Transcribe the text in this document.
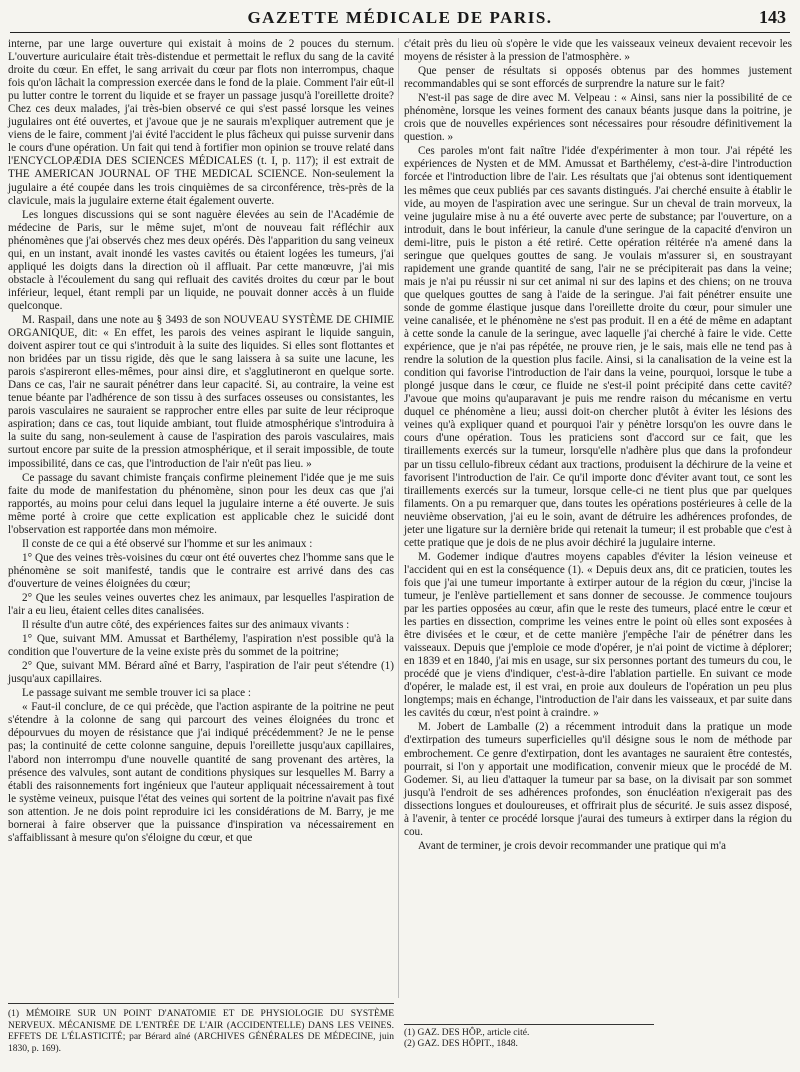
GAZETTE MÉDICALE DE PARIS.	143

interne, par une large ouverture qui existait à moins de 2 pouces du sternum. L'ouverture auriculaire était très-distendue et permettait le reflux du sang de la cavité droite du cœur. En effet, le sang arrivait du cœur par flots non interrompus, chaque fois qu'on lâchait la compression exercée dans le fond de la plaie. Comment l'air eût-il pu lutter contre le torrent du liquide et se frayer un passage jusqu'à l'oreillette droite? Chez ces deux malades, j'ai très-bien observé ce qui s'est passé lorsque les veines jugulaires ont été ouvertes, et j'avoue que je ne saurais m'expliquer autrement que je viens de le faire, comment j'ai évité l'accident le plus fâcheux qui puisse survenir dans le cours d'une opération. Un fait qui tend à fortifier mon opinion se trouve relaté dans l'ENCYCLOPÆDIA DES SCIENCES MÉDICALES (t. I, p. 117); il est extrait de THE AMERICAN JOURNAL OF THE MEDICAL SCIENCE. Non-seulement la jugulaire a été coupée dans les trois cinquièmes de sa circonférence, très-près de la clavicule, mais la jugulaire externe était également ouverte.

Les longues discussions qui se sont naguère élevées au sein de l'Académie de médecine de Paris, sur le même sujet, m'ont de nouveau fait réfléchir aux phénomènes que j'ai observés chez mes deux opérés. Dès l'apparition du sang veineux qui, en un instant, avait inondé les vastes cavités ou étaient logées les tumeurs, j'ai appliqué les doigts dans la direction où il affluait. Par cette manœuvre, j'ai mis obstacle à l'écoulement du sang qui refluait des cavités droites du cœur par le bout inférieur, lequel, étant rempli par un liquide, ne pouvait donner accès à un fluide quelconque.

M. Raspail, dans une note au § 3493 de son NOUVEAU SYSTÈME DE CHIMIE ORGANIQUE, dit: « En effet, les parois des veines aspirant le liquide sanguin, doivent aspirer tout ce qui s'introduit à la suite des liquides. Si elles sont flottantes et non bridées par un tissu rigide, dès que le sang laissera à sa suite une lacune, les parois s'aspireront elles-mêmes, pour ainsi dire, et s'agglutineront en quelque sorte. Dans ce cas, l'air ne saurait pénétrer dans leur capacité. Si, au contraire, la veine est tenue béante par l'adhérence de son tissu à des surfaces osseuses ou consistantes, les parois vasculaires ne sauraient se rapprocher entre elles par suite de leur réciproque aspiration; dans ce cas, tout liquide ambiant, tout fluide atmosphérique s'introduira à la suite du sang, non-seulement à cause de l'aspiration des parois vasculaires, mais surtout encore par suite de la pression atmosphérique, et il serait impossible, de toute impossibilité, dans ce cas, que l'introduction de l'air n'eût pas lieu. »

Ce passage du savant chimiste français confirme pleinement l'idée que je me suis faite du mode de manifestation du phénomène, sinon pour les deux cas que j'ai rapportés, au moins pour celui dans lequel la jugulaire interne a été ouverte. Je suis même porté à croire que cette explication est applicable chez le suicidé dont l'observation est rapportée dans mon mémoire.

Il conste de ce qui a été observé sur l'homme et sur les animaux :

1° Que des veines très-voisines du cœur ont été ouvertes chez l'homme sans que le phénomène se soit manifesté, tandis que le contraire est arrivé dans des cas d'ouverture de veines éloignées du cœur;

2° Que les seules veines ouvertes chez les animaux, par lesquelles l'aspiration de l'air a eu lieu, étaient celles dites canalisées.

Il résulte d'un autre côté, des expériences faites sur des animaux vivants :

1° Que, suivant MM. Amussat et Barthélemy, l'aspiration n'est possible qu'à la condition que l'ouverture de la veine existe près du sommet de la poitrine;

2° Que, suivant MM. Bérard aîné et Barry, l'aspiration de l'air peut s'étendre (1) jusqu'aux capillaires.

Le passage suivant me semble trouver ici sa place :

« Faut-il conclure, de ce qui précède, que l'action aspirante de la poitrine ne peut s'étendre à la colonne de sang qui parcourt des veines éloignées du tronc et dépourvues du moyen de résistance que j'ai indiqué précédemment? Je ne le pense pas; la continuité de cette colonne sanguine, depuis l'oreillette jusqu'aux capillaires, l'abord non interrompu d'une nouvelle quantité de sang provenant des artères, la présence des valvules, sont autant de conditions physiques sur lesquelles M. Barry a établi des raisonnements fort ingénieux que l'auteur appliquait nécessairement à tout le système veineux, puisque l'état des veines qui sortent de la poitrine n'avait pas fixé son attention. Je ne dois point reproduire ici les considérations de M. Barry, je me bornerai à faire observer que la puissance d'inspiration va nécessairement en s'affaiblissant à mesure qu'on s'éloigne du cœur, et que

c'était près du lieu où s'opère le vide que les vaisseaux veineux devaient recevoir les moyens de résister à la pression de l'atmosphère. »

Que penser de résultats si opposés obtenus par des hommes justement recommandables qui se sont efforcés de surprendre la nature sur le fait?

N'est-il pas sage de dire avec M. Velpeau : « Ainsi, sans nier la possibilité de ce phénomène, lorsque les veines forment des canaux béants jusque dans la poitrine, je crois que de nouvelles expériences sont nécessaires pour résoudre définitivement la question. »

Ces paroles m'ont fait naître l'idée d'expérimenter à mon tour. J'ai répété les expériences de Nysten et de MM. Amussat et Barthélemy, c'est-à-dire l'introduction forcée et l'introduction libre de l'air. Les résultats que j'ai obtenus sont identiquement les mêmes que ceux publiés par ces savants distingués. J'ai cherché ensuite à établir le vide, au moyen de l'aspiration avec une seringue. Sur un cheval de train morveux, la veine jugulaire mise à nu a été ouverte avec perte de substance; par l'ouverture, on a introduit, dans le bout inférieur, la canule d'une seringue de la capacité d'environ un demi-litre, puis le piston a été retiré. Cette opération réitérée n'a amené dans la seringue que quelques gouttes de sang. Je voulais m'assurer si, en soustrayant rapidement une grande quantité de sang, l'air ne se précipiterait pas dans la veine; mais je n'ai pu réussir ni sur cet animal ni sur des lapins et des chiens; on ne trouva que quelques gouttes de sang à l'aide de la seringue. J'ai fait pénétrer ensuite une sonde de gomme élastique jusque dans l'oreillette droite du cœur, pour simuler une veine canalisée, et le phénomène ne s'est pas produit. Il en a été de même en adaptant à cette sonde la canule de la seringue, avec laquelle j'ai cherché à faire le vide. Cette expérience, que je n'ai pas répétée, ne prouve rien, je le sais, mais elle ne tend pas à rendre la solution de la question plus facile. Ainsi, si la canalisation de la veine est la condition qui favorise l'introduction de l'air dans la veine, pourquoi, lorsque le tube a plongé jusque dans le cœur, ce fluide ne s'est-il point précipité dans cette cavité? J'avoue que moins qu'auparavant je puis me rendre raison du mécanisme en vertu duquel ce phénomène a lieu; aussi doit-on chercher plutôt à éviter les lésions des veines qu'à expliquer quand et pourquoi l'air y pénètre lorsqu'on les ouvre dans le cours d'une opération. Tous les praticiens sont d'accord sur ce fait, que les tiraillements exercés sur la tumeur, lorsqu'elle n'adhère plus que dans la profondeur par un tissu cellulo-fibreux cédant aux tractions, produisent la déchirure de la veine et favorisent l'introduction de l'air. Ce qu'il importe donc d'éviter avant tout, ce sont les tiraillements exercés sur la tumeur, lorsque celle-ci ne tient plus que par quelques filaments. On a pu remarquer que, dans toutes les opérations postérieures à celle de la neuvième observation, j'ai eu le soin, avant de détruire les adhérences profondes, de jeter une ligature sur la dernière bride qui retenait la tumeur; il est probable que c'est à cette pratique que je dois de ne plus avoir déchiré la jugulaire interne.

M. Godemer indique d'autres moyens capables d'éviter la lésion veineuse et l'accident qui en est la conséquence (1). « Depuis deux ans, dit ce praticien, toutes les fois que j'ai une tumeur importante à extirper autour de la région du cœur, j'incise la tumeur, je l'enlève partiellement et sans donner de secousse. Je commence toujours par les parties opposées au cœur, afin que le reste des tumeurs, placé entre le cœur et les parties en dissection, comprime les veines entre le point où elles sont exposées à être divisées et le cœur, et de cette manière j'empêche l'air de pénétrer dans les vaisseaux. Depuis que j'emploie ce mode d'opérer, je n'ai point de victime à déplorer; en 1839 et en 1840, j'ai mis en usage, sur six personnes portant des tumeurs du cou, le procédé que je viens d'indiquer, c'est-à-dire l'ablation partielle. En suivant ce mode d'opérer, le malade est, il est vrai, en proie aux douleurs de l'opération un peu plus longtemps; mais en échange, l'introduction de l'air dans les vaisseaux, et par suite dans les cavités du cœur, n'est point à craindre. »

M. Jobert de Lamballe (2) a récemment introduit dans la pratique un mode d'extirpation des tumeurs superficielles qu'il désigne sous le nom de méthode par embrochement. Ce genre d'extirpation, dont les avantages ne sauraient être contestés, pourrait, si l'on y apportait une modification, convenir mieux que le procédé de M. Godemer. Si, au lieu d'attaquer la tumeur par sa base, on la divisait par son sommet jusqu'à l'endroit de ses adhérences profondes, son énucléation n'exigerait pas des dissections longues et douloureuses, et offrirait plus de sécurité. Je suis assez disposé, à l'avenir, à tenter ce procédé lorsque j'aurai des tumeurs à extirper dans la région du cou.

Avant de terminer, je crois devoir recommander une pratique qui m'a

(1) MÉMOIRE SUR UN POINT D'ANATOMIE ET DE PHYSIOLOGIE DU SYSTÈME NERVEUX. MÉCANISME DE L'ENTRÉE DE L'AIR (ACCIDENTELLE) DANS LES VEINES. EFFETS DE L'ÉLASTICITÉ; par Bérard aîné (ARCHIVES GÉNÉRALES DE MÉDECINE, juin 1830, p. 169).
(1) GAZ. DES HÔP., article cité.
(2) GAZ. DES HÔPIT., 1848.
